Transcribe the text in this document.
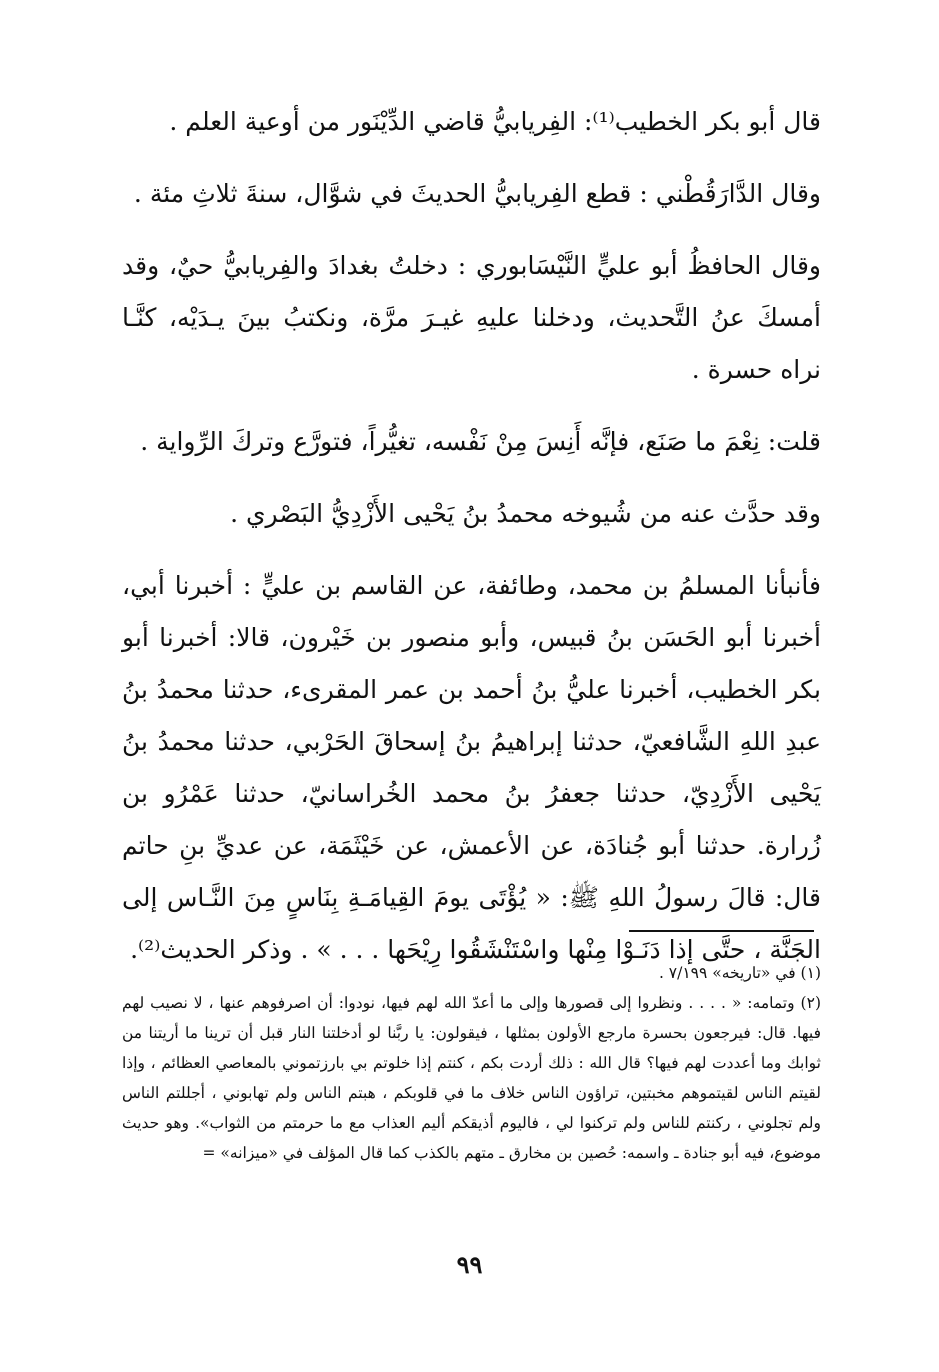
قال أبو بكر الخطيب⁽¹⁾: الفِريابيُّ قاضي الدِّيْنَور من أوعية العلم .

وقال الدَّارَقُطْني : قطع الفِريابيُّ الحديثَ في شوَّال، سنةَ ثلاثِ مئة .

وقال الحافظُ أبو عليٍّ النَّيْسَابوري : دخلتُ بغدادَ والفِريابيُّ حيٌ، وقد أمسكَ عنُ التَّحديث، ودخلنا عليهِ غيـرَ مرَّة، ونكتبُ بينَ يـدَيْه، كنَّـا نراه حسرة .

قلت: نِعْمَ ما صَنَع، فإنَّه أَنِسَ مِنْ نَفْسه، تغيُّراً، فتورَّع وتركَ الرِّواية .

وقد حدَّث عنه من شُيوخه محمدُ بنُ يَحْيى الأَزْدِيُّ البَصْري .

فأنبأنا المسلمُ بن محمد، وطائفة، عن القاسم بن عليٍّ : أخبرنا أبي، أخبرنا أبو الحَسَن بنُ قبيس، وأبو منصور بن خَيْرون، قالا: أخبرنا أبو بكر الخطيب، أخبرنا عليُّ بنُ أحمد بن عمر المقرىء، حدثنا محمدُ بنُ عبدِ اللهِ الشَّافعيّ، حدثنا إبراهيمُ بنُ إسحاقَ الحَرْبي، حدثنا محمدُ بنُ يَحْيى الأَزْدِيّ، حدثنا جعفرُ بنُ محمد الخُراسانيّ، حدثنا عَمْرُو بن زُرارة. حدثنا أبو جُنادَة، عن الأعمش، عن خَيْثَمَة، عن عديِّ بنِ حاتم قال: قالَ رسولُ اللهِ ﷺ: « يُؤْتَى يومَ القِيامَـةِ بِنَاسٍ مِنَ النَّـاس إلى الجَنَّة ، حتَّى إذا دَنَـوْا مِنْها واسْتَنْشَقُوا رِيْحَها . . . » . وذكر الحديث⁽²⁾.

(١) في «تاريخه» ٧/١٩٩ .

(٢) وتمامه: « . . . . ونظروا إلى قصورها وإلى ما أعدّ الله لهم فيها، نودوا: أن اصرفوهم عنها ، لا نصيب لهم فيها. قال: فيرجعون بحسرة مارجع الأولون بمثلها ، فيقولون: يا ربَّنا لو أدخلتنا النار قبل أن ترينا ما أريتنا من ثوابك وما أعددت لهم فيها؟ قال الله : ذلك أردت بكم ، كنتم إذا خلوتم بي بارزتموني بالمعاصي العظائم ، وإذا لقيتم الناس لقيتموهم مخبتين، تراؤون الناس خلاف ما في قلوبكم ، هبتم الناس ولم تهابوني ، أجللتم الناس ولم تجلوني ، ركنتم للناس ولم تركنوا لي ، فاليوم أذيقكم أليم العذاب مع ما حرمتم من الثواب». وهو حديث موضوع، فيه أبو جنادة ـ واسمه: حُصين بن مخارق ـ متهم بالكذب كما قال المؤلف في «ميزانه» =

٩٩
